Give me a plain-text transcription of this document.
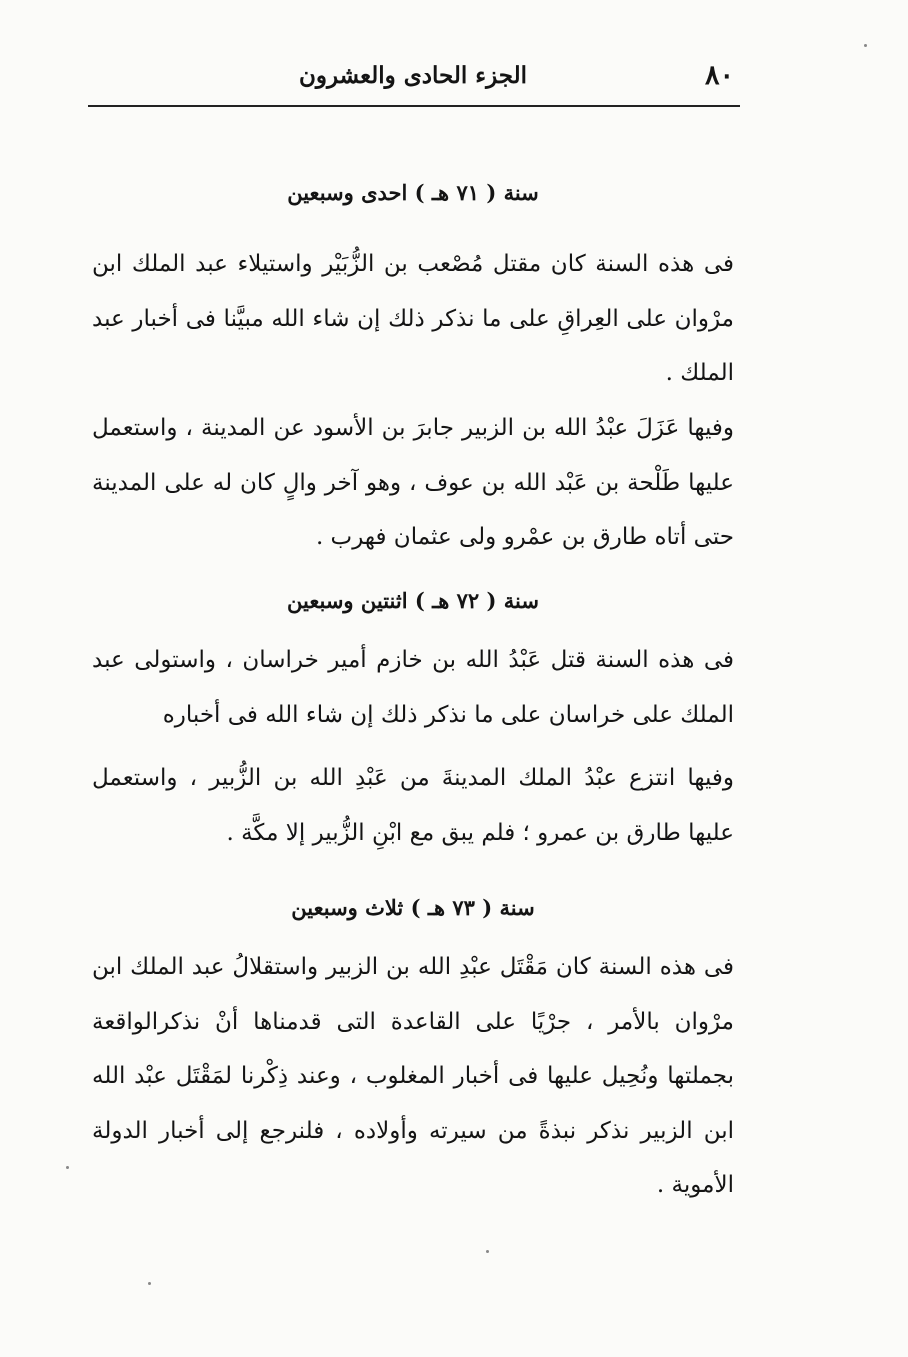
٨٠
الجزء الحادى والعشرون
سنة ( ٧١ هـ ) احدى وسبعين

فى هذه السنة كان مقتل مُصْعب بن الزُّبَيْر واستيلاء عبد الملك ابن مرْوان على العِراقِ على ما نذكر ذلك إن شاء الله مبيَّنا فى أخبار عبد الملك .

وفيها عَزَلَ عبْدُ الله بن الزبير جابرَ بن الأسود عن المدينة ، واستعمل عليها طَلْحة بن عَبْد الله بن عوف ، وهو آخر والٍ كان له على المدينة حتى أتاه طارق بن عمْرو ولى عثمان فهرب .

سنة ( ٧٢ هـ ) اثنتين وسبعين

فى هذه السنة قتل عَبْدُ الله بن خازم أمير خراسان ، واستولى عبد الملك على خراسان على ما نذكر ذلك إن شاء الله فى أخباره

وفيها انتزع عبْدُ الملك المدينةَ من عَبْدِ الله بن الزُّبير ، واستعمل عليها طارق بن عمرو ؛ فلم يبق مع ابْنِ الزُّبير إلا مكَّة .

سنة ( ٧٣ هـ ) ثلاث وسبعين

فى هذه السنة كان مَقْتَل عبْدِ الله بن الزبير واستقلالُ عبد الملك ابن مرْوان بالأمر ، جرْيًا على القاعدة التى قدمناها أنْ نذكرالواقعة بجملتها ونُحِيل عليها فى أخبار المغلوب ، وعند ذِكْرنا لمَقْتَل عبْد الله ابن الزبير نذكر نبذةً من سيرته وأولاده ، فلنرجع إلى أخبار الدولة الأموية .
